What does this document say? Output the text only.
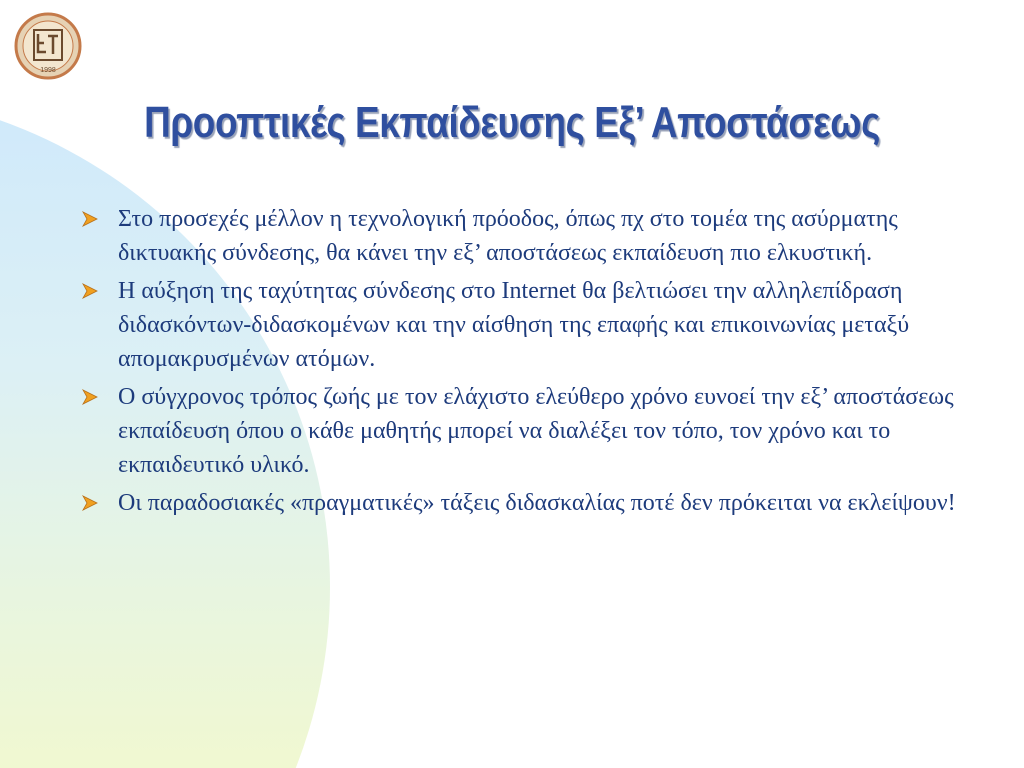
1998
Προοπτικές Εκπαίδευσης Εξ’ Αποστάσεως
Στο προσεχές μέλλον η τεχνολογική πρόοδος, όπως πχ στο τομέα της ασύρματης δικτυακής σύνδεσης, θα κάνει την εξ’ αποστάσεως εκπαίδευση πιο ελκυστική.
Η αύξηση της ταχύτητας σύνδεσης στο Internet θα βελτιώσει την αλληλεπίδραση διδασκόντων-διδασκομένων και την αίσθηση της επαφής και επικοινωνίας μεταξύ απομακρυσμένων ατόμων.
Ο σύγχρονος τρόπος ζωής με τον ελάχιστο ελεύθερο χρόνο ευνοεί την εξ’ αποστάσεως εκπαίδευση όπου ο κάθε μαθητής μπορεί να διαλέξει τον τόπο, τον χρόνο και το εκπαιδευτικό υλικό.
Οι παραδοσιακές «πραγματικές» τάξεις διδασκαλίας ποτέ δεν πρόκειται να εκλείψουν!
